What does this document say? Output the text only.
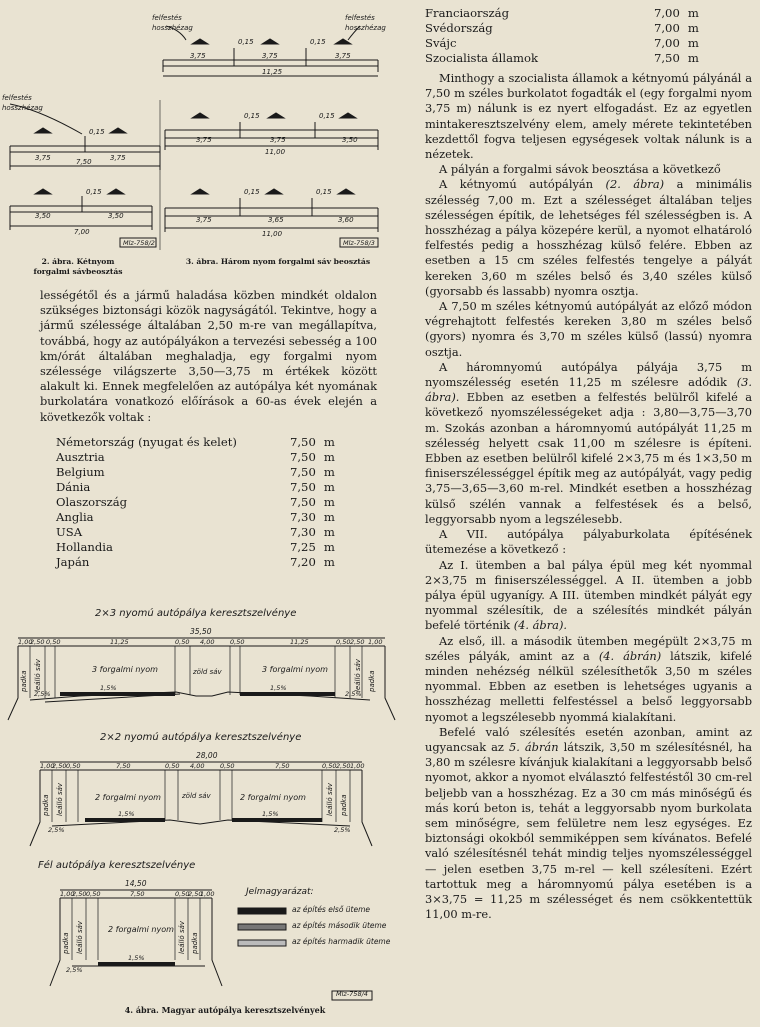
felfestés
hosszhézag
felfestés
hosszhézag
felfestés
hosszhézag
3,75	3,75	3,75
0,15	0,15
11,25
3,75	3,75
0,15
7,50
3,75	3,75	3,50
0,15	0,15
11,00
3,50	3,50
0,15
7,00
3,75	3,65	3,60
0,15	0,15
11,00
Mlz-758/2	Mlz-758/3
2. ábra. Kétnyom
forgalmi sávbeosztás
3. ábra. Három nyom forgalmi sáv beosztás

lességétől és a jármű haladása közben mindkét oldalon szükséges biztonsági közök nagyságától. Tekintve, hogy a jármű szélessége általában 2,50 m-re van megállapítva, továbbá, hogy az autópályákon a tervezési sebesség a 100 km/órát általában meghaladja, egy forgalmi nyom szélessége világszerte 3,50—3,75 m értékek között alakult ki. Ennek megfelelően az autópálya két nyomának burkolatára vonatkozó előírások a 60-as évek elején a következők voltak :

Németország (nyugat és kelet)	7,50	m
Ausztria	7,50	m
Belgium	7,50	m
Dánia	7,50	m
Olaszország	7,50	m
Anglia	7,30	m
USA	7,30	m
Hollandia	7,25	m
Japán	7,20	m
35,50
1,00
2,50 0,50	11,25	0,50 4,00 0,50	11,25	0,50 2,50 1,00
3 forgalmi nyom	3 forgalmi nyom
zöld sáv
1,5%	1,5%
2,5%	2,5%
28,00
1,00
2,50 0,50	7,50	0,50 4,00 0,50	7,50	0,50 2,50 1,00
2 forgalmi nyom	2 forgalmi nyom
zöld sáv
1,5%	1,5%
2,5%	2,5%
14,50
1,00
2,50 0,50	7,50	0,50
2,50
1,00
2 forgalmi nyom
1,5%
2,5%
padka leálló sáv	leálló sáv padka
padka leálló sáv	leálló sáv padka
padka leálló sáv	leálló sáv padka
2×3 nyomú autópálya keresztszelvénye
2×2 nyomú autópálya keresztszelvénye
Fél autópálya keresztszelvénye
Jelmagyarázat:
az építés első üteme
az építés második üteme
az építés harmadik üteme
Mlz-758/4
4. ábra. Magyar autópálya keresztszelvények
Franciaország	7,00	m
Svédország	7,00	m
Svájc	7,00	m
Szocialista államok	7,50	m

Minthogy a szocialista államok a kétnyomú pályánál a 7,50 m széles burkolatot fogadták el (egy forgalmi nyom 3,75 m) nálunk is ez nyert elfogadást. Ez az egyetlen mintakeresztszelvény elem, amely mérete tekintetében kezdettől fogva teljesen egységesek voltak nálunk is a nézetek.

A pályán a forgalmi sávok beosztása a következő

A kétnyomú autópályán (2. ábra) a minimális szélesség 7,00 m. Ezt a szélességet általában teljes szélességen építik, de lehetséges fél szélességben is. A hosszhézag a pálya közepére kerül, a nyomot elhatároló felfestés pedig a hosszhézag külső felére. Ebben az esetben a 15 cm széles felfestés tengelye a pályát kereken 3,60 m széles belső és 3,40 széles külső (gyorsabb és lassabb) nyomra osztja.

A 7,50 m széles kétnyomú autópályát az előző módon végrehajtott felfestés kereken 3,80 m széles belső (gyors) nyomra és 3,70 m széles külső (lassú) nyomra osztja.

A háromnyomú autópálya pályája 3,75 m nyomszélesség esetén 11,25 m szélesre adódik (3. ábra). Ebben az esetben a felfestés belülről kifelé a következő nyomszélességeket adja : 3,80—3,75—3,70 m. Szokás azonban a háromnyomú autópályát 11,25 m szélesség helyett csak 11,00 m szélesre is építeni. Ebben az esetben belülről kifelé 2×3,75 m és 1×3,50 m finiserszélességgel építik meg az autópályát, vagy pedig 3,75—3,65—3,60 m-rel. Mindkét esetben a hosszhézag külső szélén vannak a felfestések és a belső, leggyorsabb nyom a legszélesebb.

A VII. autópálya pályaburkolata építésének ütemezése a következő :

Az I. ütemben a bal pálya épül meg két nyommal 2×3,75 m finiserszélességgel. A II. ütemben a jobb pálya épül ugyanígy. A III. ütemben mindkét pályát egy nyommal szélesítik, de a szélesítés mindkét pályán befelé történik (4. ábra).

Az első, ill. a második ütemben megépült 2×3,75 m széles pályák, amint az a (4. ábrán) látszik, kifelé minden nehézség nélkül szélesíthetők 3,50 m széles nyommal. Ebben az esetben is lehetséges ugyanis a hosszhézag melletti felfestéssel a belső leggyorsabb nyomot a legszélesebb nyommá kialakítani.

Befelé való szélesítés esetén azonban, amint az ugyancsak az 5. ábrán látszik, 3,50 m szélesítésnél, ha 3,80 m szélesre kívánjuk kialakítani a leggyorsabb belső nyomot, akkor a nyomot elválasztó felfestéstől 30 cm-rel beljebb van a hosszhézag. Ez a 30 cm más minőségű és más korú beton is, tehát a leggyorsabb nyom burkolata sem minőségre, sem felületre nem lesz egységes. Ez biztonsági okokból semmiképpen sem kívánatos. Befelé való szélesítésnél tehát mindig teljes nyomszélességgel — jelen esetben 3,75 m-rel — kell szélesíteni. Ezért tartottuk meg a háromnyomú pálya esetében is a 3×3,75 = 11,25 m szélességet és nem csökkentettük 11,00 m-re.
